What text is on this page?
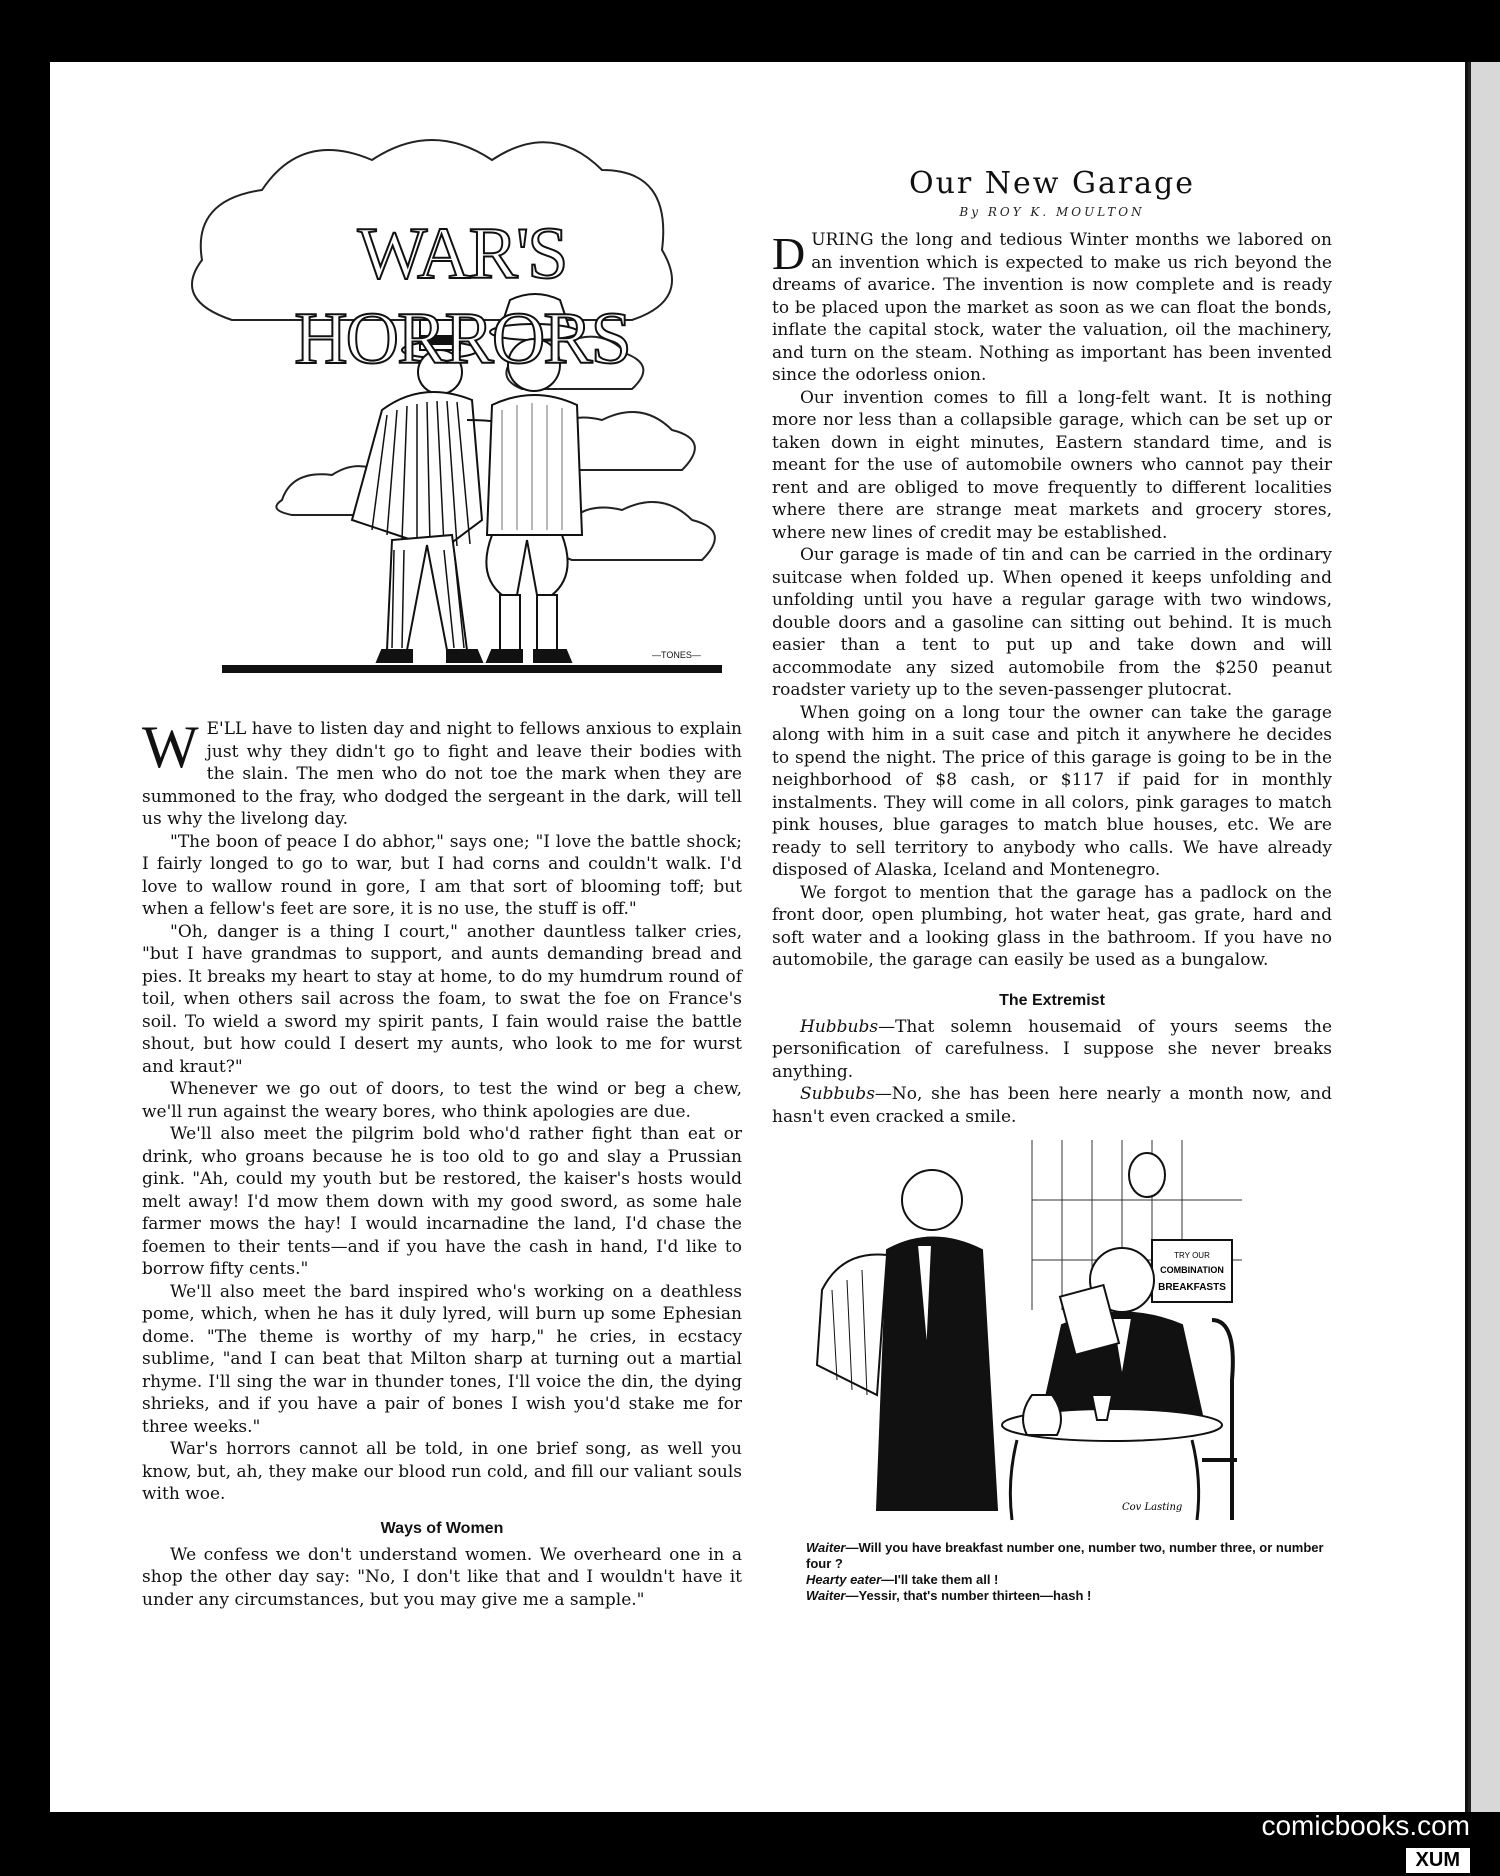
—TONES—
WAR'S HORRORS

W E'LL have to listen day and night to fellows anxious to explain just why they didn't go to fight and leave their bodies with the slain. The men who do not toe the mark when they are summoned to the fray, who dodged the sergeant in the dark, will tell us why the livelong day.

"The boon of peace I do abhor," says one; "I love the battle shock; I fairly longed to go to war, but I had corns and couldn't walk. I'd love to wallow round in gore, I am that sort of blooming toff; but when a fellow's feet are sore, it is no use, the stuff is off."

"Oh, danger is a thing I court," another dauntless talker cries, "but I have grandmas to support, and aunts demanding bread and pies. It breaks my heart to stay at home, to do my humdrum round of toil, when others sail across the foam, to swat the foe on France's soil. To wield a sword my spirit pants, I fain would raise the battle shout, but how could I desert my aunts, who look to me for wurst and kraut?"

Whenever we go out of doors, to test the wind or beg a chew, we'll run against the weary bores, who think apologies are due.

We'll also meet the pilgrim bold who'd rather fight than eat or drink, who groans because he is too old to go and slay a Prussian gink. "Ah, could my youth but be restored, the kaiser's hosts would melt away! I'd mow them down with my good sword, as some hale farmer mows the hay! I would incarnadine the land, I'd chase the foemen to their tents—and if you have the cash in hand, I'd like to borrow fifty cents."

We'll also meet the bard inspired who's working on a deathless pome, which, when he has it duly lyred, will burn up some Ephesian dome. "The theme is worthy of my harp," he cries, in ecstacy sublime, "and I can beat that Milton sharp at turning out a martial rhyme. I'll sing the war in thunder tones, I'll voice the din, the dying shrieks, and if you have a pair of bones I wish you'd stake me for three weeks."

War's horrors cannot all be told, in one brief song, as well you know, but, ah, they make our blood run cold, and fill our valiant souls with woe.

Ways of Women

We confess we don't understand women. We overheard one in a shop the other day say: "No, I don't like that and I wouldn't have it under any circumstances, but you may give me a sample."

Our New Garage
By ROY K. MOULTON

DURING the long and tedious Winter months we labored on an invention which is expected to make us rich beyond the dreams of avarice. The invention is now complete and is ready to be placed upon the market as soon as we can float the bonds, inflate the capital stock, water the valuation, oil the machinery, and turn on the steam. Nothing as important has been invented since the odorless onion.

Our invention comes to fill a long-felt want. It is nothing more nor less than a collapsible garage, which can be set up or taken down in eight minutes, Eastern standard time, and is meant for the use of automobile owners who cannot pay their rent and are obliged to move frequently to different localities where there are strange meat markets and grocery stores, where new lines of credit may be established.

Our garage is made of tin and can be carried in the ordinary suitcase when folded up. When opened it keeps unfolding and unfolding until you have a regular garage with two windows, double doors and a gasoline can sitting out behind. It is much easier than a tent to put up and take down and will accommodate any sized automobile from the $250 peanut roadster variety up to the seven-passenger plutocrat.

When going on a long tour the owner can take the garage along with him in a suit case and pitch it anywhere he decides to spend the night. The price of this garage is going to be in the neighborhood of $8 cash, or $117 if paid for in monthly instalments. They will come in all colors, pink garages to match pink houses, blue garages to match blue houses, etc. We are ready to sell territory to anybody who calls. We have already disposed of Alaska, Iceland and Montenegro.

We forgot to mention that the garage has a padlock on the front door, open plumbing, hot water heat, gas grate, hard and soft water and a looking glass in the bathroom. If you have no automobile, the garage can easily be used as a bungalow.

The Extremist

Hubbubs—That solemn housemaid of yours seems the personification of carefulness. I suppose she never breaks anything.

Subbubs—No, she has been here nearly a month now, and hasn't even cracked a smile.

TRY OUR
COMBINATION
BREAKFASTS
Cov Lasting
Waiter—Will you have breakfast number one, number two, number three, or number four ?
Hearty eater—I'll take them all !
Waiter—Yessir, that's number thirteen—hash !
comicbooks.com
XUM
